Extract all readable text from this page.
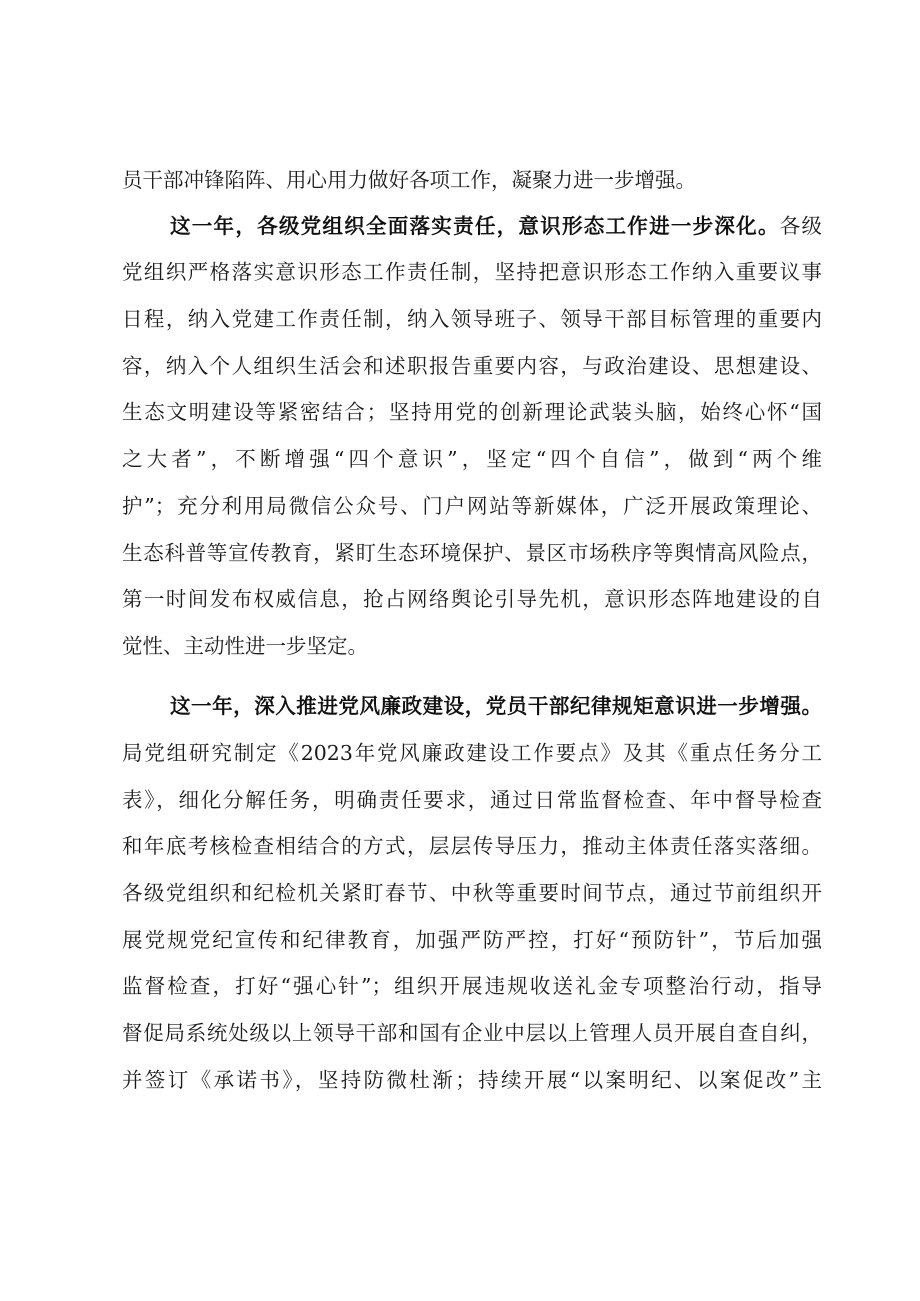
员干部冲锋陷阵、用心用力做好各项工作，凝聚力进一步增强。
这一年，各级党组织全面落实责任，意识形态工作进一步深化。各级
党组织严格落实意识形态工作责任制，坚持把意识形态工作纳入重要议事
日程，纳入党建工作责任制，纳入领导班子、领导干部目标管理的重要内
容，纳入个人组织生活会和述职报告重要内容，与政治建设、思想建设、
生态文明建设等紧密结合；坚持用党的创新理论武装头脑，始终心怀“国
之大者”，不断增强“四个意识”，坚定“四个自信”，做到“两个维
护”；充分利用局微信公众号、门户网站等新媒体，广泛开展政策理论、
生态科普等宣传教育，紧盯生态环境保护、景区市场秩序等舆情高风险点，
第一时间发布权威信息，抢占网络舆论引导先机，意识形态阵地建设的自
觉性、主动性进一步坚定。
这一年，深入推进党风廉政建设，党员干部纪律规矩意识进一步增强。
局党组研究制定《2023年党风廉政建设工作要点》及其《重点任务分工
表》，细化分解任务，明确责任要求，通过日常监督检查、年中督导检查
和年底考核检查相结合的方式，层层传导压力，推动主体责任落实落细。
各级党组织和纪检机关紧盯春节、中秋等重要时间节点，通过节前组织开
展党规党纪宣传和纪律教育，加强严防严控，打好“预防针”，节后加强
监督检查，打好“强心针”；组织开展违规收送礼金专项整治行动，指导
督促局系统处级以上领导干部和国有企业中层以上管理人员开展自查自纠，
并签订《承诺书》，坚持防微杜渐；持续开展“以案明纪、以案促改”主
